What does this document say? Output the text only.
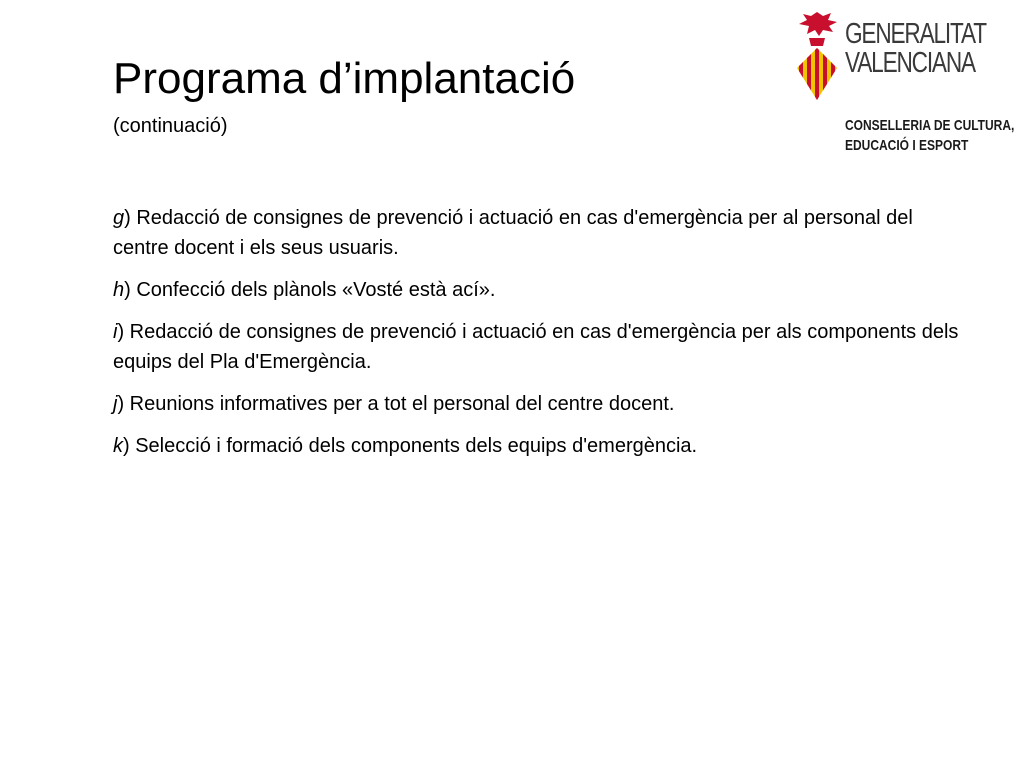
Programa d’implantació
(continuació)
g) Redacció de consignes de prevenció i actuació en cas d'emergència per al personal del centre docent i els seus usuaris.
h) Confecció dels plànols «Vosté està ací».
i) Redacció de consignes de prevenció i actuació en cas d'emergència per als components dels equips del Pla d'Emergència.
j) Reunions informatives per a tot el personal del centre docent.
k) Selecció i formació dels components dels equips d'emergència.
GENERALITAT
VALENCIANA
CONSELLERIA DE CULTURA,
EDUCACIÓ I ESPORT
